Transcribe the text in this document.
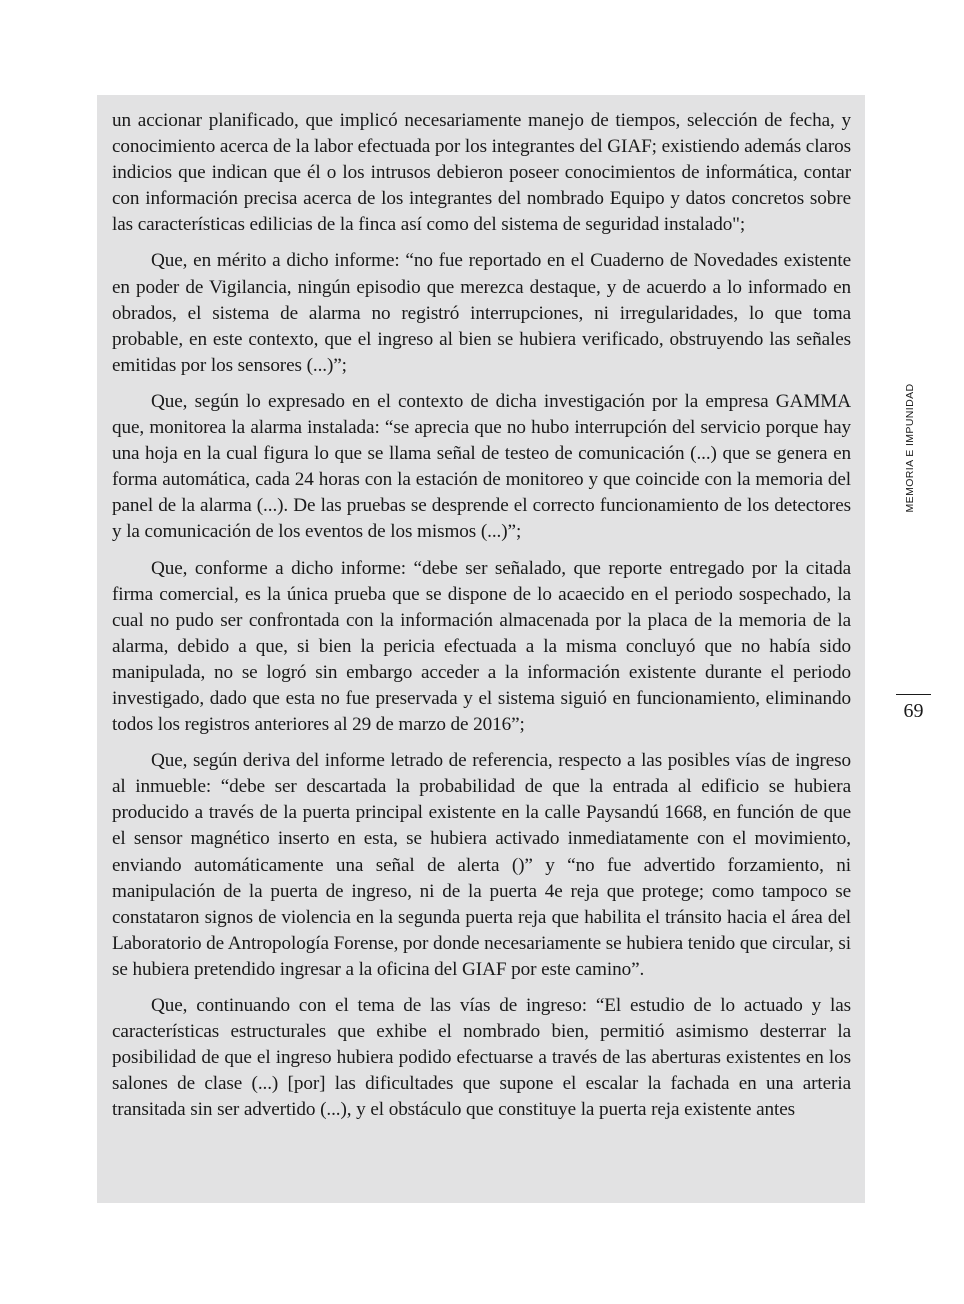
un accionar planificado, que implicó necesariamente manejo de tiempos, selección de fecha, y conocimiento acerca de la labor efectuada por los integrantes del GIAF; existiendo además claros indicios que indican que él o los intrusos debieron poseer conocimientos de informática, contar con información precisa acerca de los integrantes del nombrado Equipo y datos concretos sobre las características edilicias de la finca así como del sistema de seguridad instalado";

Que, en mérito a dicho informe: “no fue reportado en el Cuaderno de Novedades existente en poder de Vigilancia, ningún episodio que merezca destaque, y de acuerdo a lo informado en obrados, el sistema de alarma no registró interrupciones, ni irregularidades, lo que toma probable, en este contexto, que el ingreso al bien se hubiera verificado, obstruyendo las señales emitidas por los sensores (...)”;

Que, según lo expresado en el contexto de dicha investigación por la empresa GAMMA que, monitorea la alarma instalada: “se aprecia que no hubo interrupción del servicio porque hay una hoja en la cual figura lo que se llama señal de testeo de comunicación (...) que se genera en forma automática, cada 24 horas con la estación de monitoreo y que coincide con la memoria del panel de la alarma (...). De las pruebas se desprende el correcto funcionamiento de los detectores y la comunicación de los eventos de los mismos (...)”;

Que, conforme a dicho informe: “debe ser señalado, que reporte entregado por la citada firma comercial, es la única prueba que se dispone de lo acaecido en el periodo sospechado, la cual no pudo ser confrontada con la información almacenada por la placa de la memoria de la alarma, debido a que, si bien la pericia efectuada a la misma concluyó que no había sido manipulada, no se logró sin embargo acceder a la información existente durante el periodo investigado, dado que esta no fue preservada y el sistema siguió en funcionamiento, eliminando todos los registros anteriores al 29 de marzo de 2016”;

Que, según deriva del informe letrado de referencia, respecto a las posibles vías de ingreso al inmueble: “debe ser descartada la probabilidad de que la entrada al edificio se hubiera producido a través de la puerta principal existente en la calle Paysandú 1668, en función de que el sensor magnético inserto en esta, se hubiera activado inmediatamente con el movimiento, enviando automáticamente una señal de alerta ()” y “no fue advertido forzamiento, ni manipulación de la puerta de ingreso, ni de la puerta 4e reja que protege; como tampoco se constataron signos de violencia en la segunda puerta reja que habilita el tránsito hacia el área del Laboratorio de Antropología Forense, por donde necesariamente se hubiera tenido que circular, si se hubiera pretendido ingresar a la oficina del GIAF por este camino”.

Que, continuando con el tema de las vías de ingreso: “El estudio de lo actuado y las características estructurales que exhibe el nombrado bien, permitió asimismo desterrar la posibilidad de que el ingreso hubiera podido efectuarse a través de las aberturas existentes en los salones de clase (...) [por] las dificultades que supone el escalar la fachada en una arteria transitada sin ser advertido (...), y el obstáculo que constituye la puerta reja existente antes

MEMORIA E IMPUNIDAD
69
